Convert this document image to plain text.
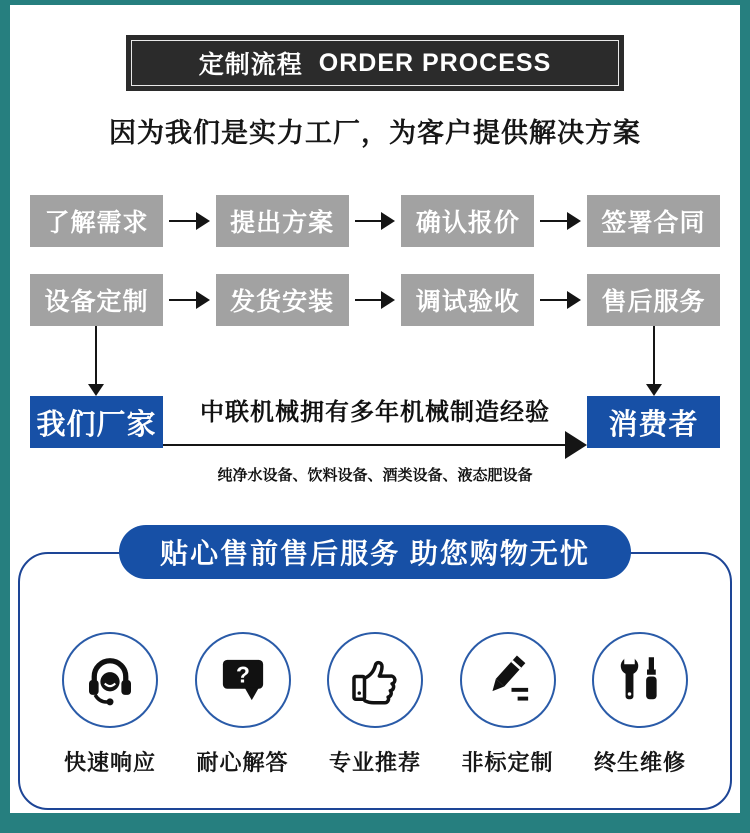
定制流程 ORDER PROCESS
因为我们是实力工厂，为客户提供解决方案
了解需求	提出方案	确认报价	签署合同
设备定制	发货安装	调试验收	售后服务
我们厂家	中联机械拥有多年机械制造经验
纯净水设备、饮料设备、酒类设备、液态肥设备
消费者
贴心售前售后服务 助您购物无忧
快速响应
?
耐心解答 专业推荐 非标定制 终生维修
